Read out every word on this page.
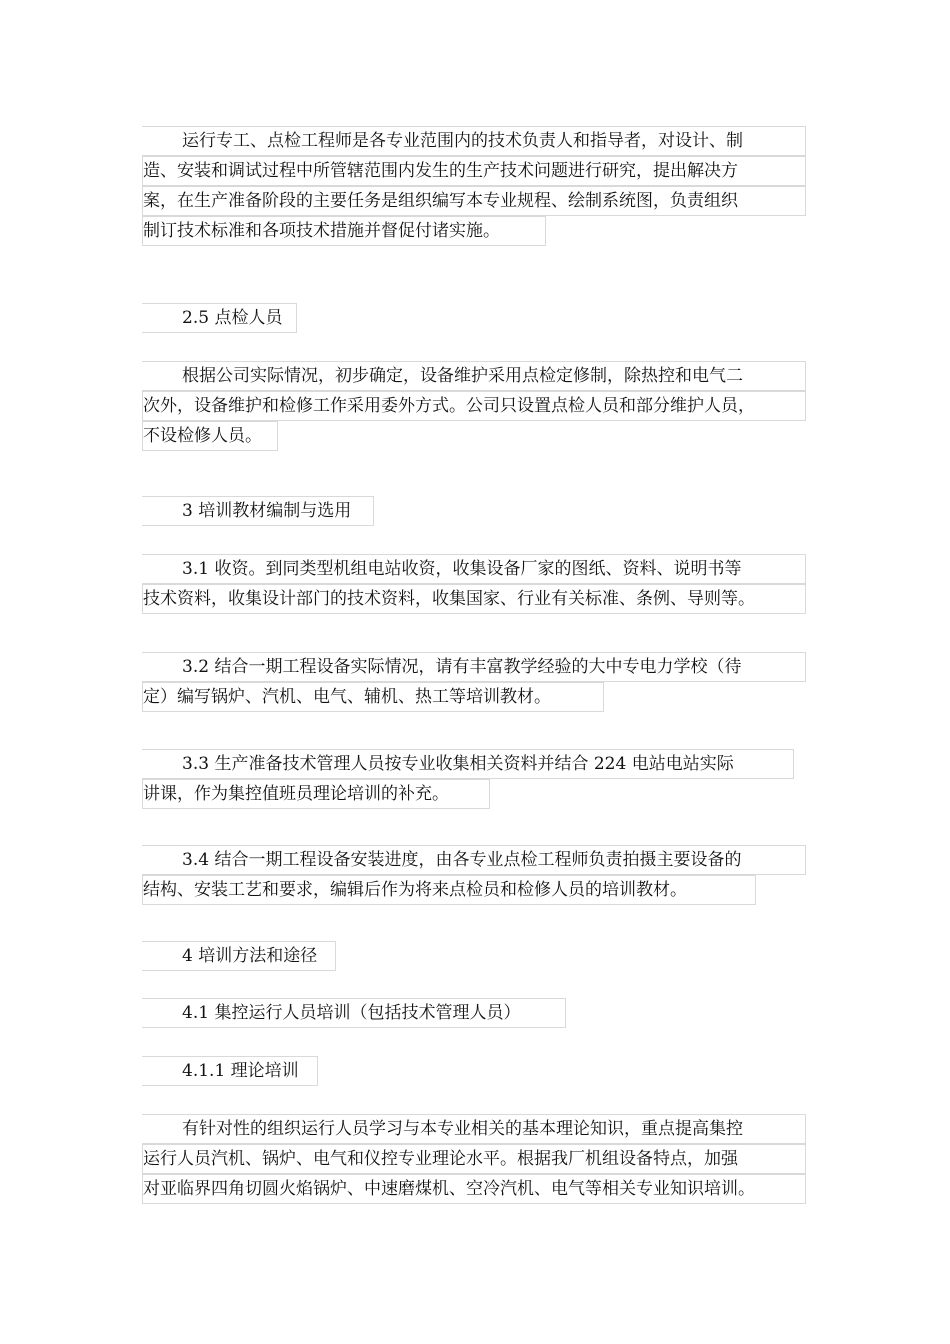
运行专工、点检工程师是各专业范围内的技术负责人和指导者，对设计、制
造、安装和调试过程中所管辖范围内发生的生产技术问题进行研究，提出解决方
案，在生产准备阶段的主要任务是组织编写本专业规程、绘制系统图，负责组织
制订技术标准和各项技术措施并督促付诸实施。
2.5 点检人员
根据公司实际情况，初步确定，设备维护采用点检定修制，除热控和电气二
次外，设备维护和检修工作采用委外方式。公司只设置点检人员和部分维护人员，
不设检修人员。
3 培训教材编制与选用
3.1 收资。到同类型机组电站收资，收集设备厂家的图纸、资料、说明书等
技术资料，收集设计部门的技术资料，收集国家、行业有关标准、条例、导则等。
3.2 结合一期工程设备实际情况，请有丰富教学经验的大中专电力学校（待
定）编写锅炉、汽机、电气、辅机、热工等培训教材。
3.3 生产准备技术管理人员按专业收集相关资料并结合 224 电站电站实际
讲课，作为集控值班员理论培训的补充。
3.4 结合一期工程设备安装进度，由各专业点检工程师负责拍摄主要设备的
结构、安装工艺和要求，编辑后作为将来点检员和检修人员的培训教材。
4 培训方法和途径
4.1 集控运行人员培训（包括技术管理人员）
4.1.1 理论培训
有针对性的组织运行人员学习与本专业相关的基本理论知识，重点提高集控
运行人员汽机、锅炉、电气和仪控专业理论水平。根据我厂机组设备特点，加强
对亚临界四角切圆火焰锅炉、中速磨煤机、空冷汽机、电气等相关专业知识培训。
